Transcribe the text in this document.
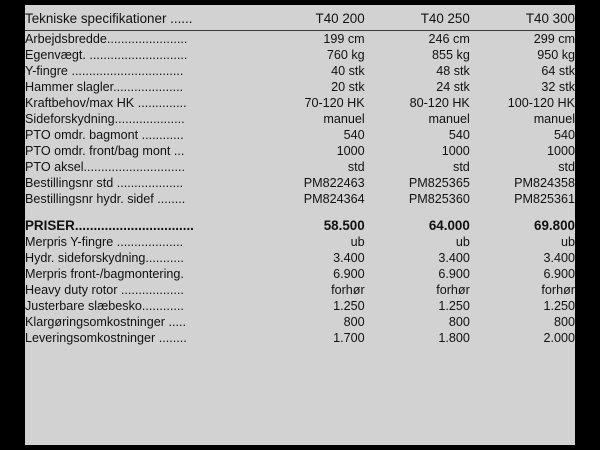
Tekniske specifikationer ......	T40 200	T40 250	T40 300

Arbejdsbredde.......................	199 cm	246 cm	299 cm
Egenvægt. ............................	760 kg	855 kg	950 kg
Y-fingre ................................	40 stk	48 stk	64 stk
Hammer slagler....................	20 stk	24 stk	32 stk
Kraftbehov/max HK ..............	70-120 HK	80-120 HK	100-120 HK
Sideforskydning....................	manuel	manuel	manuel
PTO omdr. bagmont ............	540	540	540
PTO omdr. front/bag mont ...	1000	1000	1000
PTO aksel.............................	std	std	std
Bestillingsnr std ...................	PM822463	PM825365	PM824358
Bestillingsnr hydr. sidef ........	PM824364	PM825360	PM825361

PRISER................................	58.500	64.000	69.800
Merpris Y-fingre ...................	ub	ub	ub
Hydr. sideforskydning...........	3.400	3.400	3.400
Merpris front-/bagmontering.	6.900	6.900	6.900
Heavy duty rotor ..................	forhør	forhør	forhør
Justerbare slæbesko............	1.250	1.250	1.250
Klargøringsomkostninger .....	800	800	800
Leveringsomkostninger ........	1.700	1.800	2.000
